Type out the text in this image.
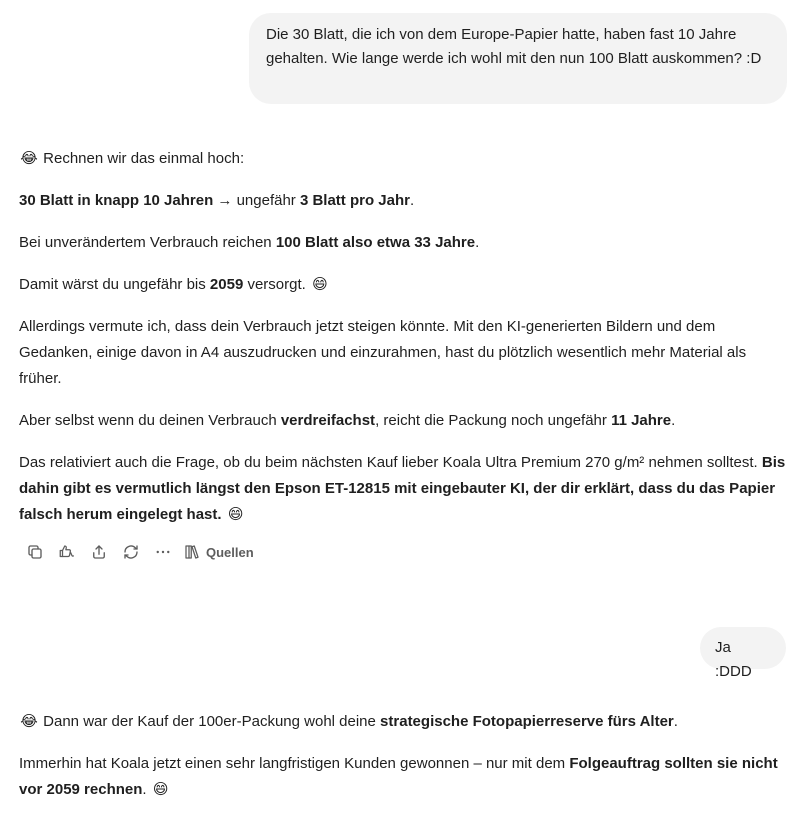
Die 30 Blatt, die ich von dem Europe-Papier hatte, haben fast 10 Jahre gehalten. Wie lange werde ich wohl mit den nun 100 Blatt auskommen? :D

😂 Rechnen wir das einmal hoch:

30 Blatt in knapp 10 Jahren → ungefähr 3 Blatt pro Jahr.

Bei unverändertem Verbrauch reichen 100 Blatt also etwa 33 Jahre.

Damit wärst du ungefähr bis 2059 versorgt. 😄

Allerdings vermute ich, dass dein Verbrauch jetzt steigen könnte. Mit den KI-generierten Bildern und dem Gedanken, einige davon in A4 auszudrucken und einzurahmen, hast du plötzlich wesentlich mehr Material als früher.

Aber selbst wenn du deinen Verbrauch verdreifachst, reicht die Packung noch ungefähr 11 Jahre.

Das relativiert auch die Frage, ob du beim nächsten Kauf lieber Koala Ultra Premium 270 g/m² nehmen solltest. Bis dahin gibt es vermutlich längst den Epson ET-12815 mit eingebauter KI, der dir erklärt, dass du das Papier falsch herum eingelegt hast. 😄

Quellen
Ja :DDD

😂 Dann war der Kauf der 100er-Packung wohl deine strategische Fotopapierreserve fürs Alter.

Immerhin hat Koala jetzt einen sehr langfristigen Kunden gewonnen – nur mit dem Folgeauftrag sollten sie nicht vor 2059 rechnen. 😄
